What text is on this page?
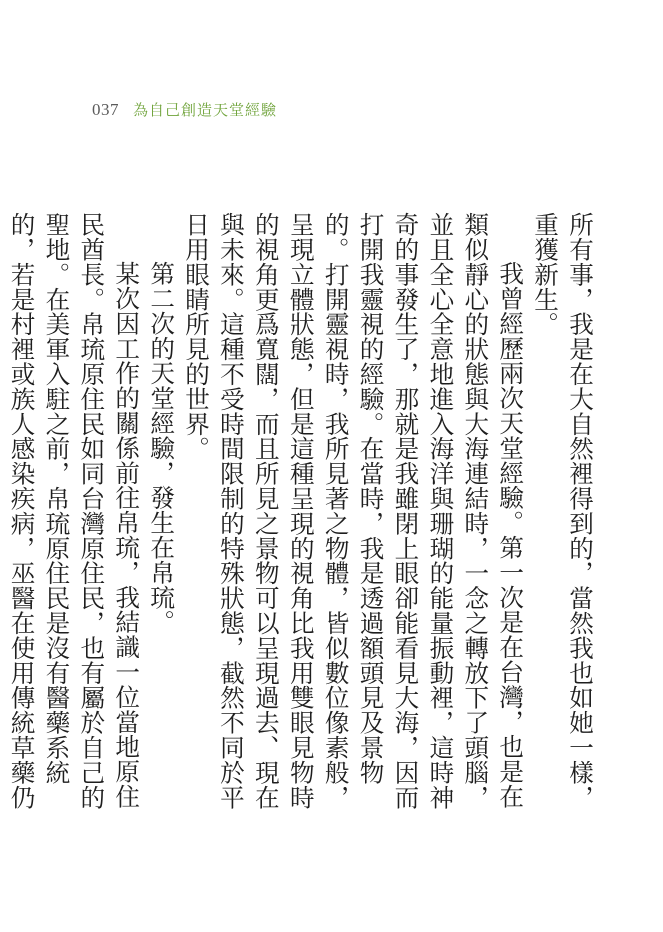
037 為自己創造天堂經驗

所有事，我是在大自然裡得到的，當然我也如她一樣，重獲新生。

我曾經歷兩次天堂經驗。第一次是在台灣，也是在類似靜心的狀態與大海連結時，一念之轉放下了頭腦，並且全心全意地進入海洋與珊瑚的能量振動裡，這時神奇的事發生了，那就是我雖閉上眼卻能看見大海，因而打開我靈視的經驗。在當時，我是透過額頭見及景物的。打開靈視時，我所見著之物體，皆似數位像素般，呈現立體狀態，但是這種呈現的視角比我用雙眼見物時的視角更爲寬闊，而且所見之景物可以呈現過去、現在與未來。這種不受時間限制的特殊狀態，截然不同於平日用眼睛所見的世界。

第二次的天堂經驗，發生在帛琉。

某次因工作的關係前往帛琉，我結識一位當地原住民酋長。帛琉原住民如同台灣原住民，也有屬於自己的聖地。在美軍入駐之前，帛琉原住民是沒有醫藥系統的，若是村裡或族人感染疾病，巫醫在使用傳統草藥仍
